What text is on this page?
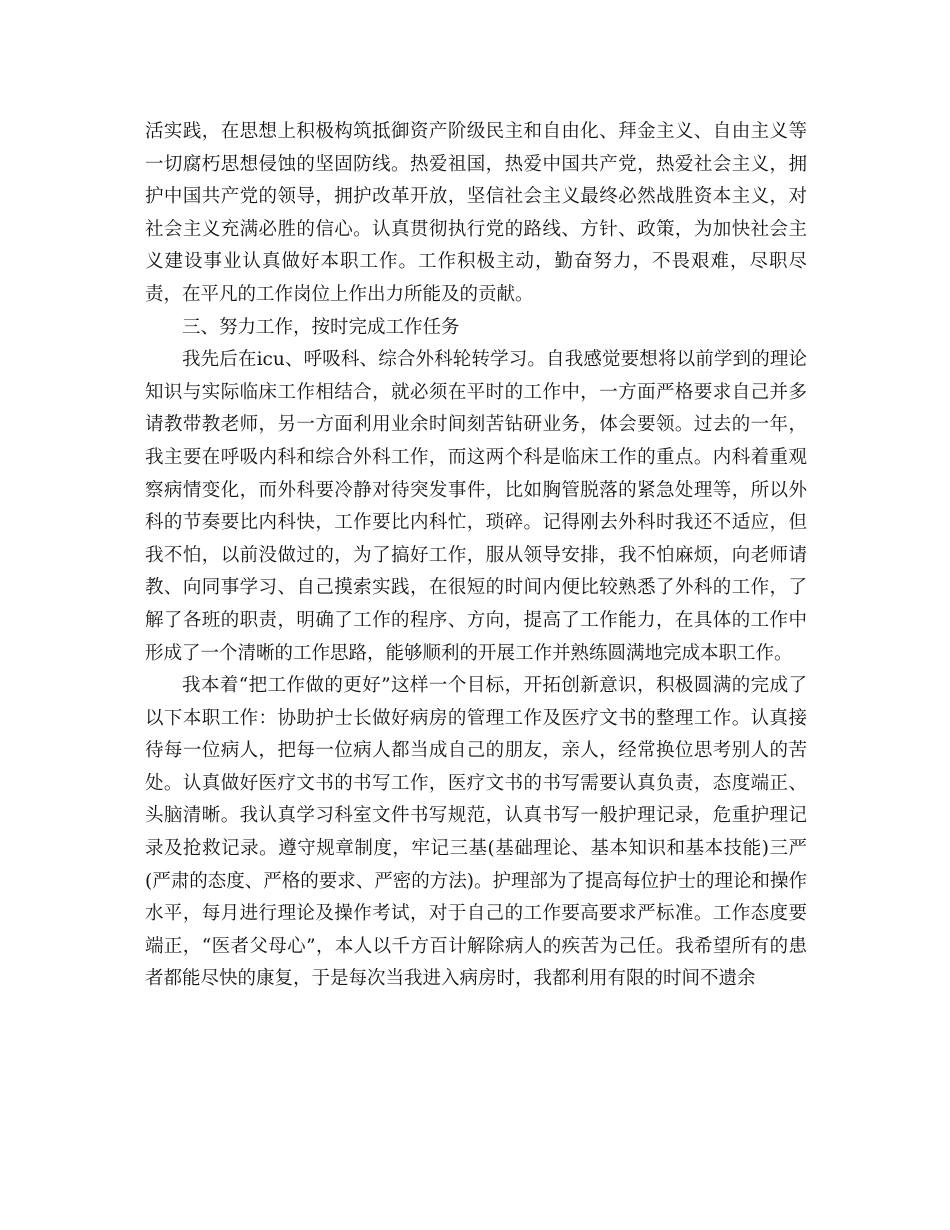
活实践，在思想上积极构筑抵御资产阶级民主和自由化、拜金主义、自由主义等一切腐朽思想侵蚀的坚固防线。热爱祖国，热爱中国共产党，热爱社会主义，拥护中国共产党的领导，拥护改革开放，坚信社会主义最终必然战胜资本主义，对社会主义充满必胜的信心。认真贯彻执行党的路线、方针、政策，为加快社会主义建设事业认真做好本职工作。工作积极主动，勤奋努力，不畏艰难，尽职尽责，在平凡的工作岗位上作出力所能及的贡献。

三、努力工作，按时完成工作任务

我先后在icu、呼吸科、综合外科轮转学习。自我感觉要想将以前学到的理论知识与实际临床工作相结合，就必须在平时的工作中，一方面严格要求自己并多请教带教老师，另一方面利用业余时间刻苦钻研业务，体会要领。过去的一年，我主要在呼吸内科和综合外科工作，而这两个科是临床工作的重点。内科着重观察病情变化，而外科要冷静对待突发事件，比如胸管脱落的紧急处理等，所以外科的节奏要比内科快，工作要比内科忙，琐碎。记得刚去外科时我还不适应，但我不怕，以前没做过的，为了搞好工作，服从领导安排，我不怕麻烦，向老师请教、向同事学习、自己摸索实践，在很短的时间内便比较熟悉了外科的工作，了解了各班的职责，明确了工作的程序、方向，提高了工作能力，在具体的工作中形成了一个清晰的工作思路，能够顺利的开展工作并熟练圆满地完成本职工作。

我本着“把工作做的更好”这样一个目标，开拓创新意识，积极圆满的完成了以下本职工作：协助护士长做好病房的管理工作及医疗文书的整理工作。认真接待每一位病人，把每一位病人都当成自己的朋友，亲人，经常换位思考别人的苦处。认真做好医疗文书的书写工作，医疗文书的书写需要认真负责，态度端正、头脑清晰。我认真学习科室文件书写规范，认真书写一般护理记录，危重护理记录及抢救记录。遵守规章制度，牢记三基(基础理论、基本知识和基本技能)三严(严肃的态度、严格的要求、严密的方法)。护理部为了提高每位护士的理论和操作水平，每月进行理论及操作考试，对于自己的工作要高要求严标准。工作态度要端正，“医者父母心”，本人以千方百计解除病人的疾苦为己任。我希望所有的患者都能尽快的康复，于是每次当我进入病房时，我都利用有限的时间不遗余
